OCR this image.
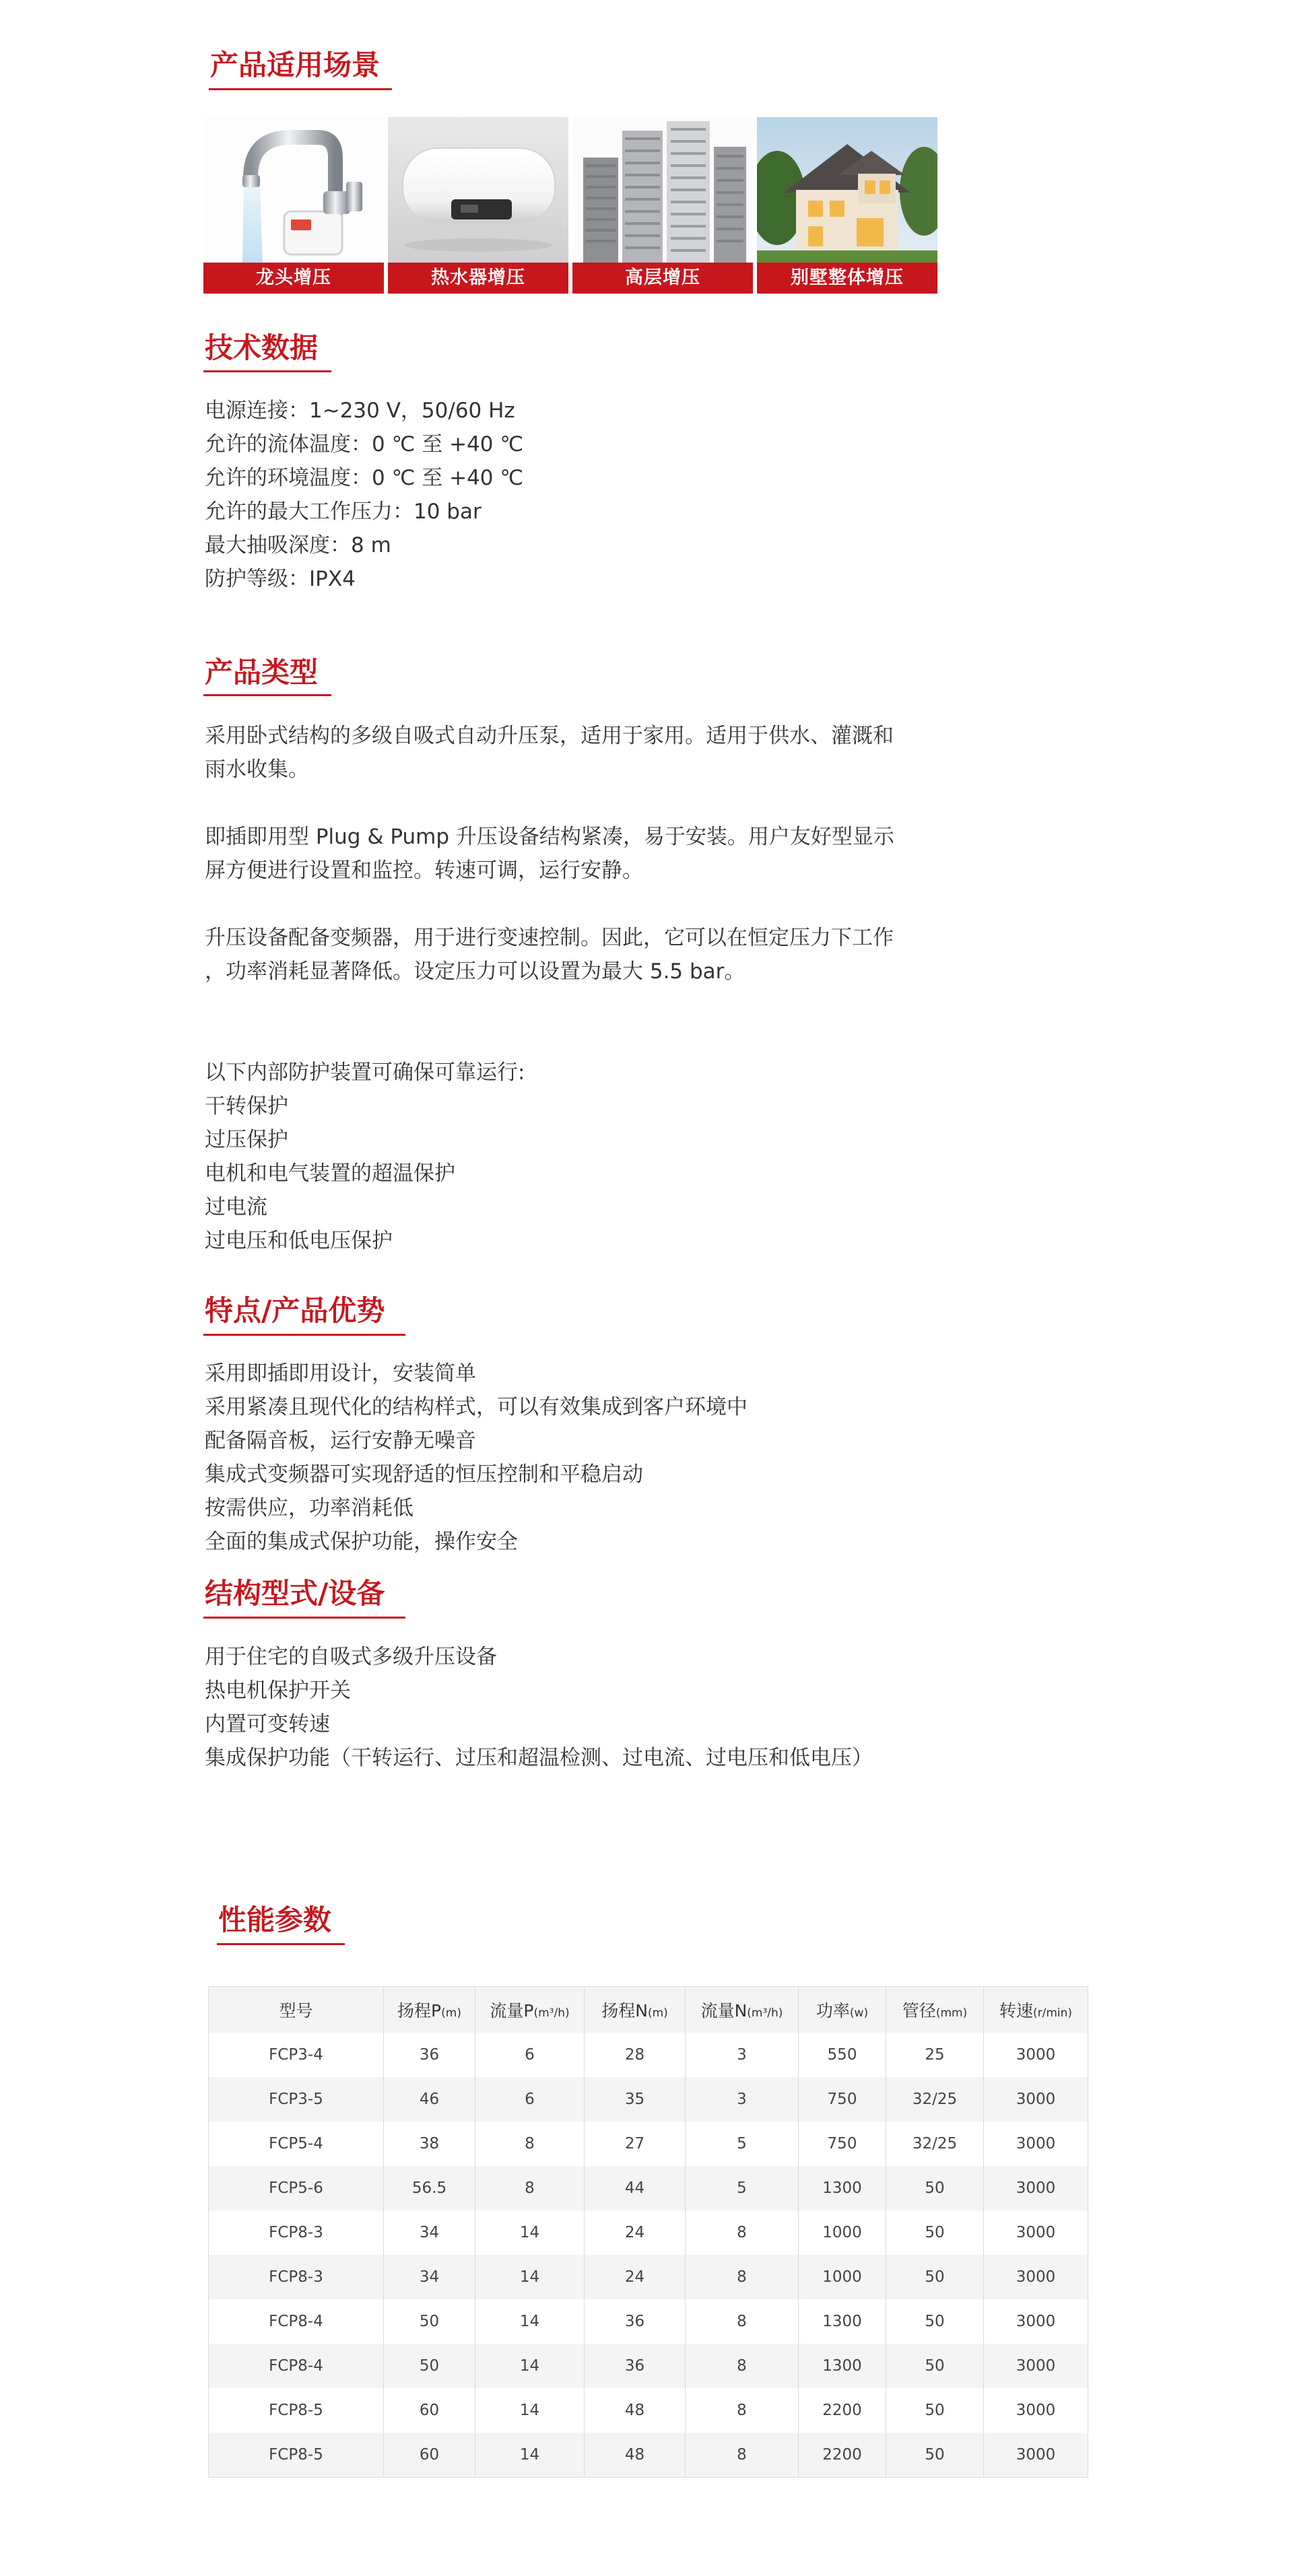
产品适用场景
龙头增压	热水器增压	高层增压	别墅整体增压
技术数据

电源连接：1~230 V，50/60 Hz

允许的流体温度：0 ℃ 至 +40 ℃

允许的环境温度：0 ℃ 至 +40 ℃

允许的最大工作压力：10 bar

最大抽吸深度：8 m

防护等级：IPX4

产品类型

采用卧式结构的多级自吸式自动升压泵，适用于家用。适用于供水、灌溉和

雨水收集。

即插即用型 Plug & Pump 升压设备结构紧凑，易于安装。用户友好型显示

屏方便进行设置和监控。转速可调，运行安静。

升压设备配备变频器，用于进行变速控制。因此，它可以在恒定压力下工作

，功率消耗显著降低。设定压力可以设置为最大 5.5 bar。

以下内部防护装置可确保可靠运行:

干转保护

过压保护

电机和电气装置的超温保护

过电流

过电压和低电压保护

特点/产品优势

采用即插即用设计，安装简单

采用紧凑且现代化的结构样式，可以有效集成到客户环境中

配备隔音板，运行安静无噪音

集成式变频器可实现舒适的恒压控制和平稳启动

按需供应，功率消耗低

全面的集成式保护功能，操作安全

结构型式/设备

用于住宅的自吸式多级升压设备

热电机保护开关

内置可变转速

集成保护功能（干转运行、过压和超温检测、过电流、过电压和低电压）

性能参数
型号	扬程P(m)	流量P(m³/h)	扬程N(m)	流量N(m³/h)	功率(w)	管径(mm)	转速(r/min)
FCP3-4	36	6	28	3	550	25	3000
FCP3-5	46	6	35	3	750	32/25	3000
FCP5-4	38	8	27	5	750	32/25	3000
FCP5-6	56.5	8	44	5	1300	50	3000
FCP8-3	34	14	24	8	1000	50	3000
FCP8-3	34	14	24	8	1000	50	3000
FCP8-4	50	14	36	8	1300	50	3000
FCP8-4	50	14	36	8	1300	50	3000
FCP8-5	60	14	48	8	2200	50	3000
FCP8-5	60	14	48	8	2200	50	3000
